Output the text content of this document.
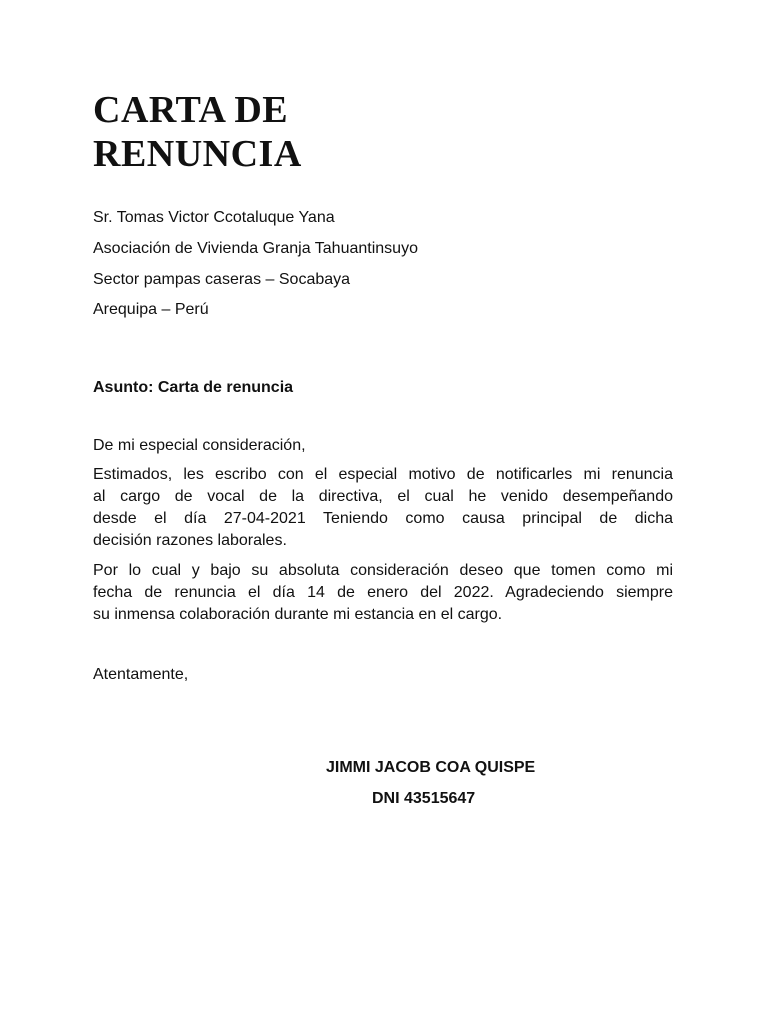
CARTA DE
RENUNCIA
Sr. Tomas Victor Ccotaluque Yana
Asociación de Vivienda Granja Tahuantinsuyo
Sector pampas caseras – Socabaya
Arequipa – Perú
Asunto: Carta de renuncia
De mi especial consideración,
Estimados, les escribo con el especial motivo de notificarles mi renuncia
al cargo de vocal de la directiva, el cual he venido desempeñando
desde el día 27-04-2021 Teniendo como causa principal de dicha
decisión razones laborales.
Por lo cual y bajo su absoluta consideración deseo que tomen como mi
fecha de renuncia el día 14 de enero del 2022. Agradeciendo siempre
su inmensa colaboración durante mi estancia en el cargo.
Atentamente,
JIMMI JACOB COA QUISPE
DNI 43515647
